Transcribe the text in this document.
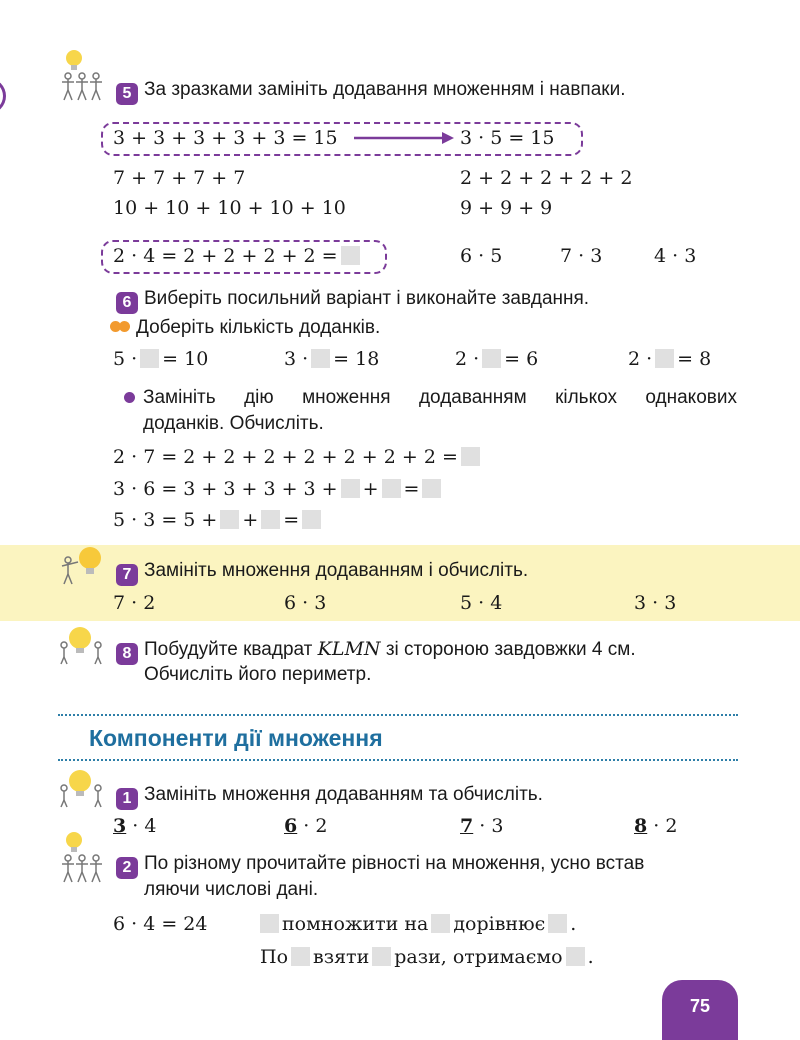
5 За зразками замініть додавання множенням і навпаки.
3 + 3 + 3 + 3 + 3 = 15	3 · 5 = 15
7 + 7 + 7 + 7	2 + 2 + 2 + 2 + 2
10 + 10 + 10 + 10 + 10	9 + 9 + 9
2 · 4 = 2 + 2 + 2 + 2 =	6 · 5	7 · 3	4 · 3
6 Виберіть посильний варіант і виконайте завдання.
Доберіть кількість доданків.
5 · = 10	3 · = 18	2 · = 6	2 · = 8
Замініть дію множення додаванням кількох однакових
доданків. Обчисліть.
2 · 7 = 2 + 2 + 2 + 2 + 2 + 2 + 2 =
3 · 6 = 3 + 3 + 3 + 3 + + =
5 · 3 = 5 + + =
7 Замініть множення додаванням і обчисліть.
7 · 2	6 · 3	5 · 4	3 · 3
8 Побудуйте квадрат KLMN зі стороною завдовжки 4 см.
Обчисліть його периметр.
Компоненти дії множення
1 Замініть множення додаванням та обчисліть.
3 · 4	6 · 2	7 · 3	8 · 2
2 По різному прочитайте рівності на множення, усно встав
ляючи числові дані.
6 · 4 = 24	помножити на дорівнює .
По взяти рази, отримаємо .
75
